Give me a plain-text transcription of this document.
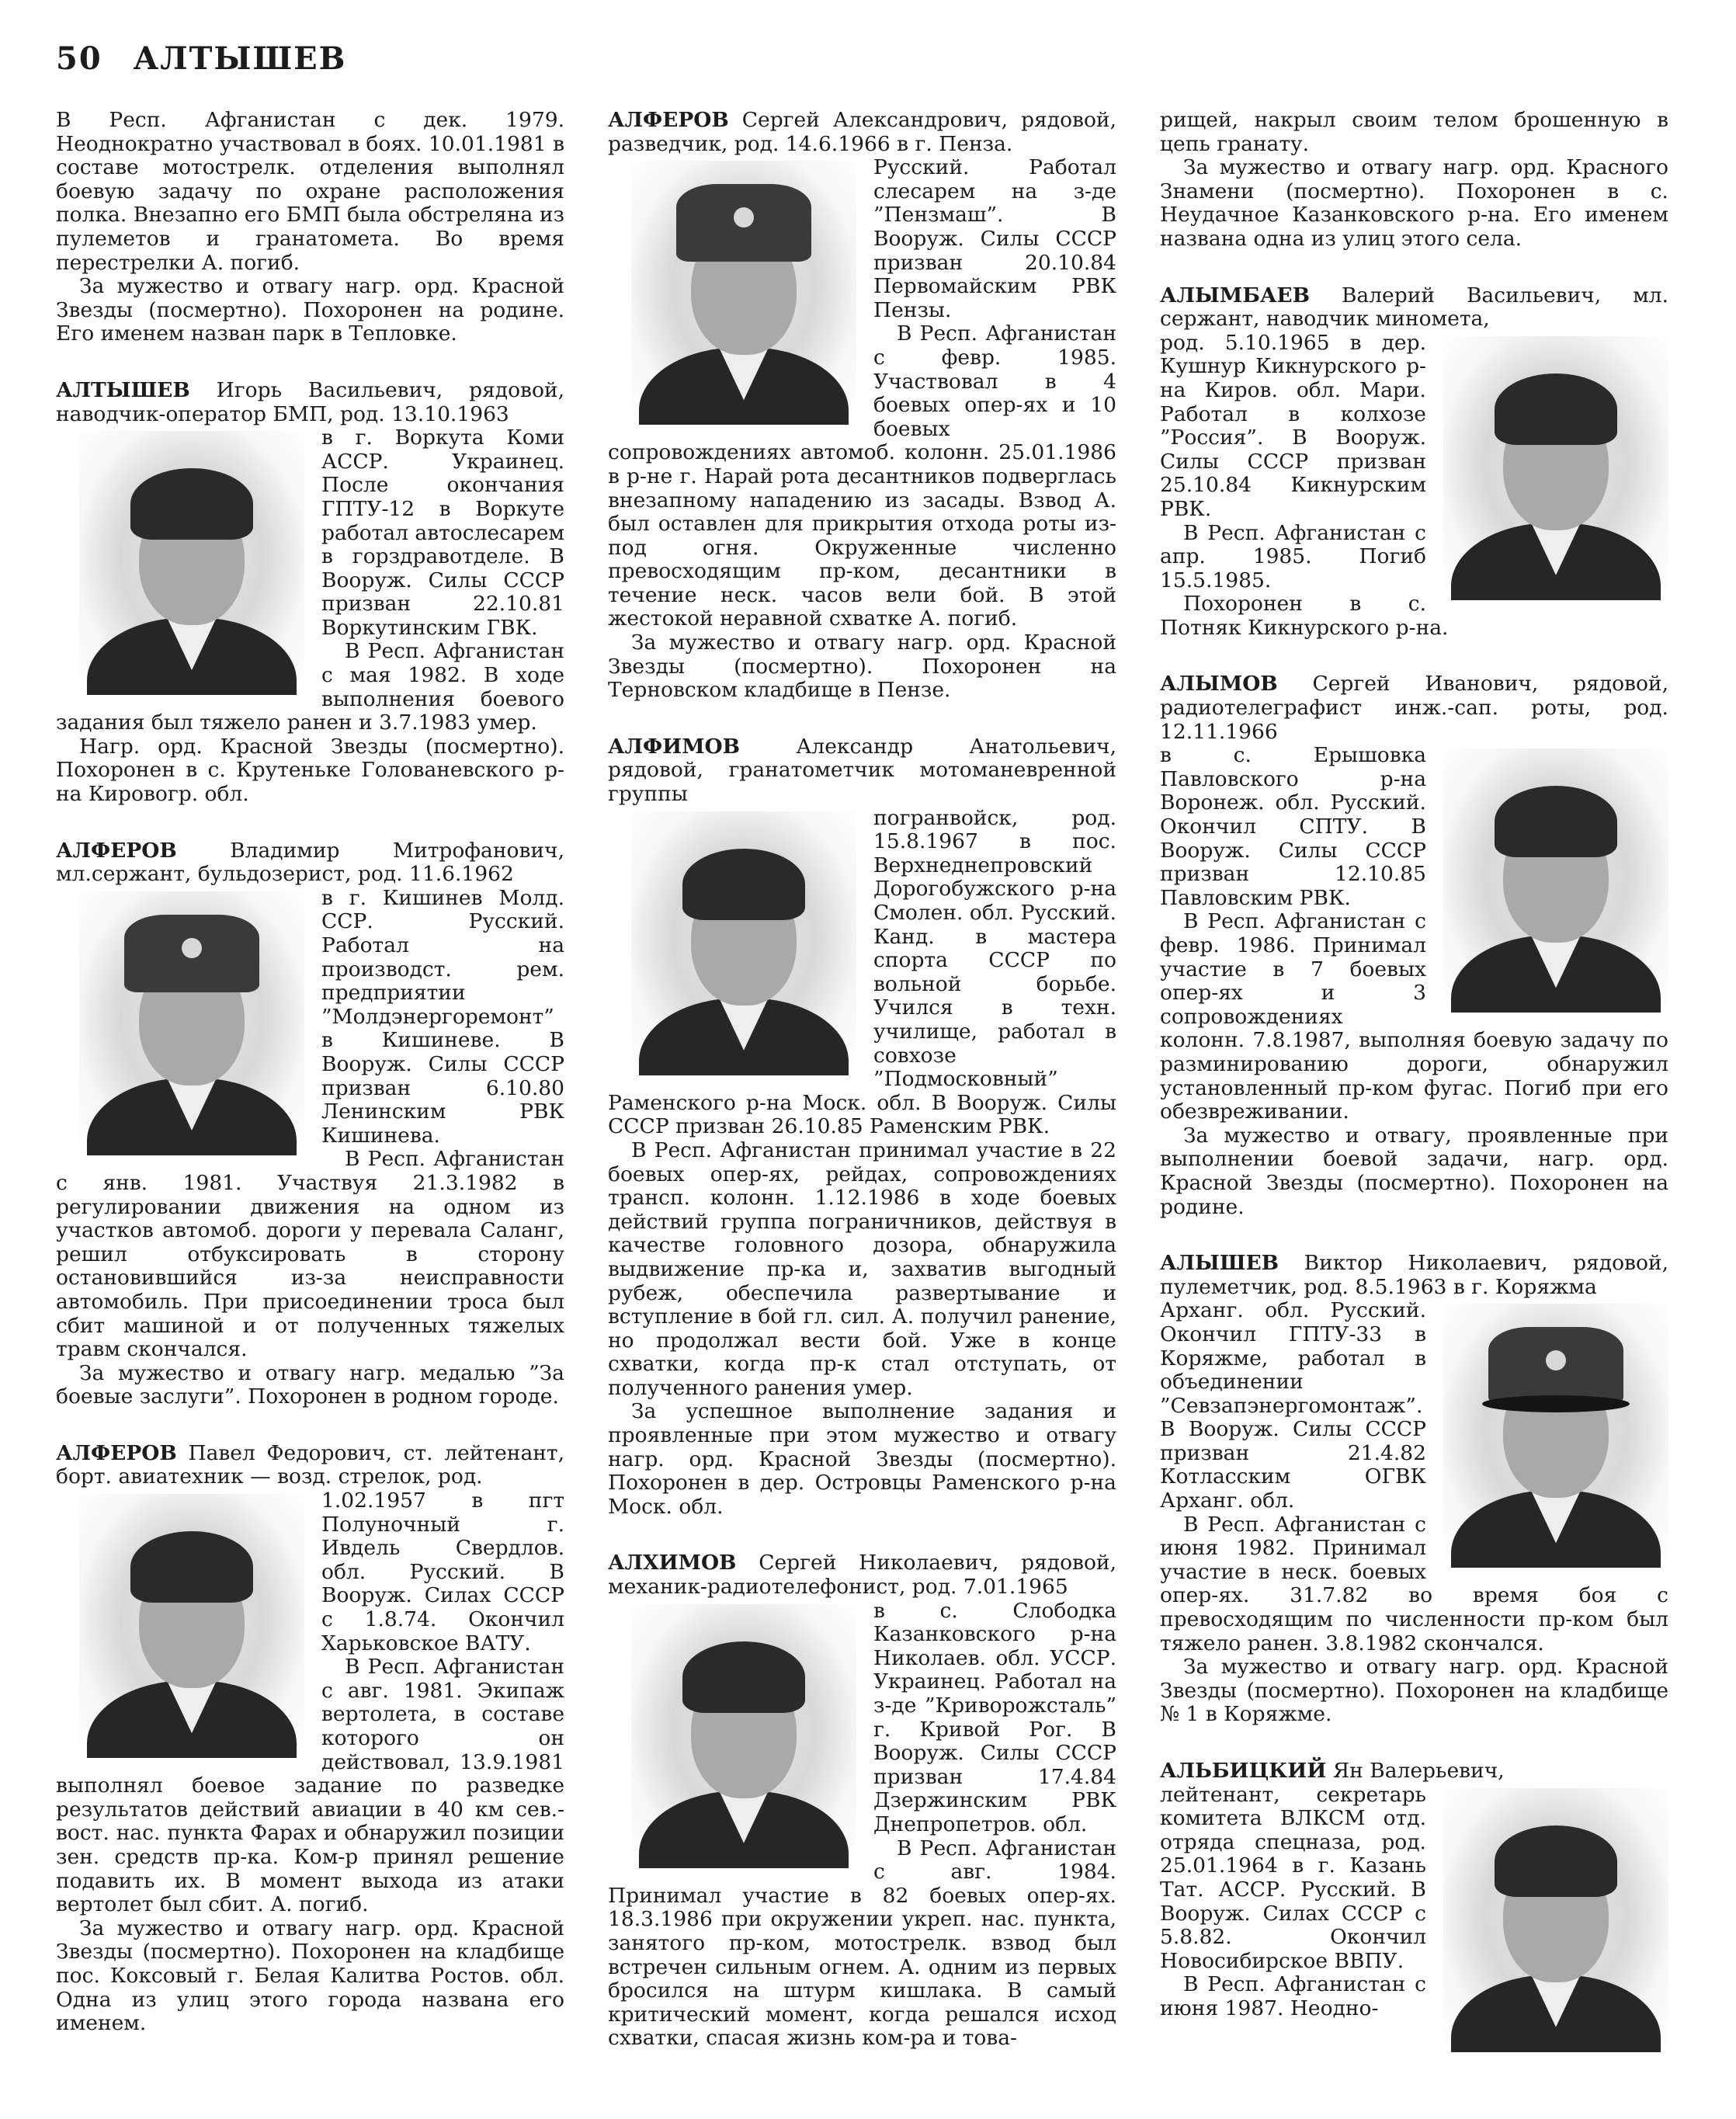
50 АЛТЫШЕВ

В Респ. Афганистан с дек. 1979. Неоднократно участвовал в боях. 10.01.1981 в составе мотострелк. отделения выполнял боевую задачу по охране расположения полка. Внезапно его БМП была обстреляна из пулеметов и гранатомета. Во время перестрелки А. погиб.

За мужество и отвагу нагр. орд. Красной Звезды (посмертно). Похоронен на родине. Его именем назван парк в Тепловке.

АЛТЫШЕВ Игорь Васильевич, рядовой, наводчик-оператор БМП, род. 13.10.1963

в г. Воркута Коми АССР. Украинец. После окончания ГПТУ-12 в Воркуте работал автослесарем в горздравотделе. В Вооруж. Силы СССР призван 22.10.81 Воркутинским ГВК.

В Респ. Афганистан с мая 1982. В ходе выполнения боевого задания был тяжело ранен и 3.7.1983 умер.

Нагр. орд. Красной Звезды (посмертно). Похоронен в с. Крутеньке Голованевского р-на Кировогр. обл.

АЛФЕРОВ Владимир Митрофанович, мл.сержант, бульдозерист, род. 11.6.1962

в г. Кишинев Молд. ССР. Русский. Работал на производст. рем. предприятии ”Молдэнергоремонт” в Кишиневе. В Вооруж. Силы СССР призван 6.10.80 Ленинским РВК Кишинева.

В Респ. Афганистан с янв. 1981. Участвуя 21.3.1982 в регулировании движения на одном из участков автомоб. дороги у перевала Саланг, решил отбуксировать в сторону остановившийся из-за неисправности автомобиль. При присоединении троса был сбит машиной и от полученных тяжелых травм скончался.

За мужество и отвагу нагр. медалью ”За боевые заслуги”. Похоронен в родном городе.

АЛФЕРОВ Павел Федорович, ст. лейтенант, борт. авиатехник — возд. стрелок, род.

1.02.1957 в пгт Полуночный г. Ивдель Свердлов. обл. Русский. В Вооруж. Силах СССР с 1.8.74. Окончил Харьковское ВАТУ.

В Респ. Афганистан с авг. 1981. Экипаж вертолета, в составе которого он действовал, 13.9.1981 выполнял боевое задание по разведке результатов действий авиации в 40 км сев.-вост. нас. пункта Фарах и обнаружил позиции зен. средств пр-ка. Ком-р принял решение подавить их. В момент выхода из атаки вертолет был сбит. А. погиб.

За мужество и отвагу нагр. орд. Красной Звезды (посмертно). Похоронен на кладбище пос. Коксовый г. Белая Калитва Ростов. обл. Одна из улиц этого города названа его именем.

АЛФЕРОВ Сергей Александрович, рядовой, разведчик, род. 14.6.1966 в г. Пенза.

Русский. Работал слесарем на з-де ”Пензмаш”. В Вооруж. Силы СССР призван 20.10.84 Первомайским РВК Пензы.

В Респ. Афганистан с февр. 1985. Участвовал в 4 боевых опер-ях и 10 боевых сопровождениях автомоб. колонн. 25.01.1986 в р-не г. Нарай рота десантников подверглась внезапному нападению из засады. Взвод А. был оставлен для прикрытия отхода роты из-под огня. Окруженные численно превосходящим пр-ком, десантники в течение неск. часов вели бой. В этой жестокой неравной схватке А. погиб.

За мужество и отвагу нагр. орд. Красной Звезды (посмертно). Похоронен на Терновском кладбище в Пензе.

АЛФИМОВ Александр Анатольевич, рядовой, гранатометчик мотоманевренной группы

погранвойск, род. 15.8.1967 в пос. Верхнеднепровский Дорогобужского р-на Смолен. обл. Русский. Канд. в мастера спорта СССР по вольной борьбе. Учился в техн. училище, работал в совхозе ”Подмосковный” Раменского р-на Моск. обл. В Вооруж. Силы СССР призван 26.10.85 Раменским РВК.

В Респ. Афганистан принимал участие в 22 боевых опер-ях, рейдах, сопровождениях трансп. колонн. 1.12.1986 в ходе боевых действий группа пограничников, действуя в качестве головного дозора, обнаружила выдвижение пр-ка и, захватив выгодный рубеж, обеспечила развертывание и вступление в бой гл. сил. А. получил ранение, но продолжал вести бой. Уже в конце схватки, когда пр-к стал отступать, от полученного ранения умер.

За успешное выполнение задания и проявленные при этом мужество и отвагу нагр. орд. Красной Звезды (посмертно). Похоронен в дер. Островцы Раменского р-на Моск. обл.

АЛХИМОВ Сергей Николаевич, рядовой, механик-радиотелефонист, род. 7.01.1965

в с. Слободка Казанковского р-на Николаев. обл. УССР. Украинец. Работал на з-де ”Криворожсталь” г. Кривой Рог. В Вооруж. Силы СССР призван 17.4.84 Дзержинским РВК Днепропетров. обл.

В Респ. Афганистан с авг. 1984. Принимал участие в 82 боевых опер-ях. 18.3.1986 при окружении укреп. нас. пункта, занятого пр-ком, мотострелк. взвод был встречен сильным огнем. А. одним из первых бросился на штурм кишлака. В самый критический момент, когда решался исход схватки, спасая жизнь ком-ра и това-

рищей, накрыл своим телом брошенную в цепь гранату.

За мужество и отвагу нагр. орд. Красного Знамени (посмертно). Похоронен в с. Неудачное Казанковского р-на. Его именем названа одна из улиц этого села.

АЛЫМБАЕВ Валерий Васильевич, мл. сержант, наводчик минометa,

род. 5.10.1965 в дер. Кушнур Кикнурского р-на Киров. обл. Мари. Работал в колхозе ”Россия”. В Вооруж. Силы СССР призван 25.10.84 Кикнурским РВК.

В Респ. Афганистан с апр. 1985. Погиб 15.5.1985.

Похоронен в с. Потняк Кикнурского р-на.

АЛЫМОВ Сергей Иванович, рядовой, радиотелеграфист инж.-сап. роты, род. 12.11.1966

в с. Ерышовка Павловского р-на Воронеж. обл. Русский. Окончил СПТУ. В Вооруж. Силы СССР призван 12.10.85 Павловским РВК.

В Респ. Афганистан с февр. 1986. Принимал участие в 7 боевых опер-ях и 3 сопровождениях колонн. 7.8.1987, выполняя боевую задачу по разминированию дороги, обнаружил установленный пр-ком фугас. Погиб при его обезвреживании.

За мужество и отвагу, проявленные при выполнении боевой задачи, нагр. орд. Красной Звезды (посмертно). Похоронен на родине.

АЛЫШЕВ Виктор Николаевич, рядовой, пулеметчик, род. 8.5.1963 в г. Коряжма

Арханг. обл. Русский. Окончил ГПТУ-33 в Коряжме, работал в объединении ”Севзапэнергомонтаж”. В Вооруж. Силы СССР призван 21.4.82 Котласским ОГВК Арханг. обл.

В Респ. Афганистан с июня 1982. Принимал участие в неск. боевых опер-ях. 31.7.82 во время боя с превосходящим по численности пр-ком был тяжело ранен. 3.8.1982 скончался.

За мужество и отвагу нагр. орд. Красной Звезды (посмертно). Похоронен на кладбище № 1 в Коряжме.

АЛЬБИЦКИЙ Ян Валерьевич,

лейтенант, секретарь комитета ВЛКСМ отд. отряда спецназа, род. 25.01.1964 в г. Казань Тат. АССР. Русский. В Вооруж. Силах СССР с 5.8.82. Окончил Новосибирское ВВПУ.

В Респ. Афганистан с июня 1987. Неодно-
